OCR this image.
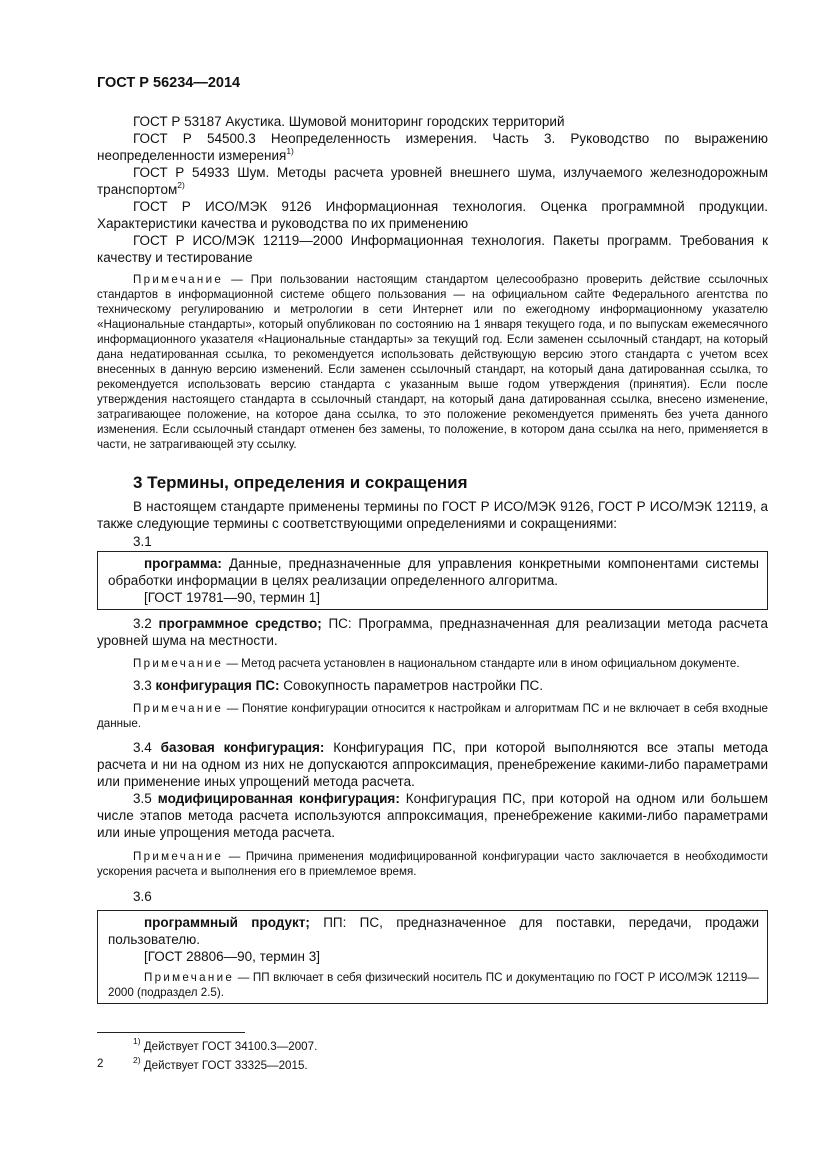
ГОСТ Р 56234—2014

ГОСТ Р 53187 Акустика. Шумовой мониторинг городских территорий

ГОСТ Р 54500.3 Неопределенность измерения. Часть 3. Руководство по выражению неопределенности измерения$^{1)}$

ГОСТ Р 54933 Шум. Методы расчета уровней внешнего шума, излучаемого железнодорожным транспортом$^{2)}$

ГОСТ Р ИСО/МЭК 9126 Информационная технология. Оценка программной продукции. Характеристики качества и руководства по их применению

ГОСТ Р ИСО/МЭК 12119—2000 Информационная технология. Пакеты программ. Требования к качеству и тестирование

Примечание — При пользовании настоящим стандартом целесообразно проверить действие ссылочных стандартов в информационной системе общего пользования — на официальном сайте Федерального агентства по техническому регулированию и метрологии в сети Интернет или по ежегодному информационному указателю «Национальные стандарты», который опубликован по состоянию на 1 января текущего года, и по выпускам ежемесячного информационного указателя «Национальные стандарты» за текущий год. Если заменен ссылочный стандарт, на который дана недатированная ссылка, то рекомендуется использовать действующую версию этого стандарта с учетом всех внесенных в данную версию изменений. Если заменен ссылочный стандарт, на который дана датированная ссылка, то рекомендуется использовать версию стандарта с указанным выше годом утверждения (принятия). Если после утверждения настоящего стандарта в ссылочный стандарт, на который дана датированная ссылка, внесено изменение, затрагивающее положение, на которое дана ссылка, то это положение рекомендуется применять без учета данного изменения. Если ссылочный стандарт отменен без замены, то положение, в котором дана ссылка на него, применяется в части, не затрагивающей эту ссылку.

3 Термины, определения и сокращения

В настоящем стандарте применены термины по ГОСТ Р ИСО/МЭК 9126, ГОСТ Р ИСО/МЭК 12119, а также следующие термины с соответствующими определениями и сокращениями:

3.1

программа: Данные, предназначенные для управления конкретными компонентами системы обработки информации в целях реализации определенного алгоритма.

[ГОСТ 19781—90, термин 1]

3.2 программное средство; ПС: Программа, предназначенная для реализации метода расчета уровней шума на местности.

Примечание — Метод расчета установлен в национальном стандарте или в ином официальном документе.

3.3 конфигурация ПС: Совокупность параметров настройки ПС.

Примечание — Понятие конфигурации относится к настройкам и алгоритмам ПС и не включает в себя входные данные.

3.4 базовая конфигурация: Конфигурация ПС, при которой выполняются все этапы метода расчета и ни на одном из них не допускаются аппроксимация, пренебрежение какими-либо параметрами или применение иных упрощений метода расчета.

3.5 модифицированная конфигурация: Конфигурация ПС, при которой на одном или большем числе этапов метода расчета используются аппроксимация, пренебрежение какими-либо параметрами или иные упрощения метода расчета.

Примечание — Причина применения модифицированной конфигурации часто заключается в необходимости ускорения расчета и выполнения его в приемлемое время.

3.6

программный продукт; ПП: ПС, предназначенное для поставки, передачи, продажи пользователю.

[ГОСТ 28806—90, термин 3]

Примечание — ПП включает в себя физический носитель ПС и документацию по ГОСТ Р ИСО/МЭК 12119—2000 (подраздел 2.5).

$^{1)}$ Действует ГОСТ 34100.3—2007.

$^{2)}$ Действует ГОСТ 33325—2015.

2
